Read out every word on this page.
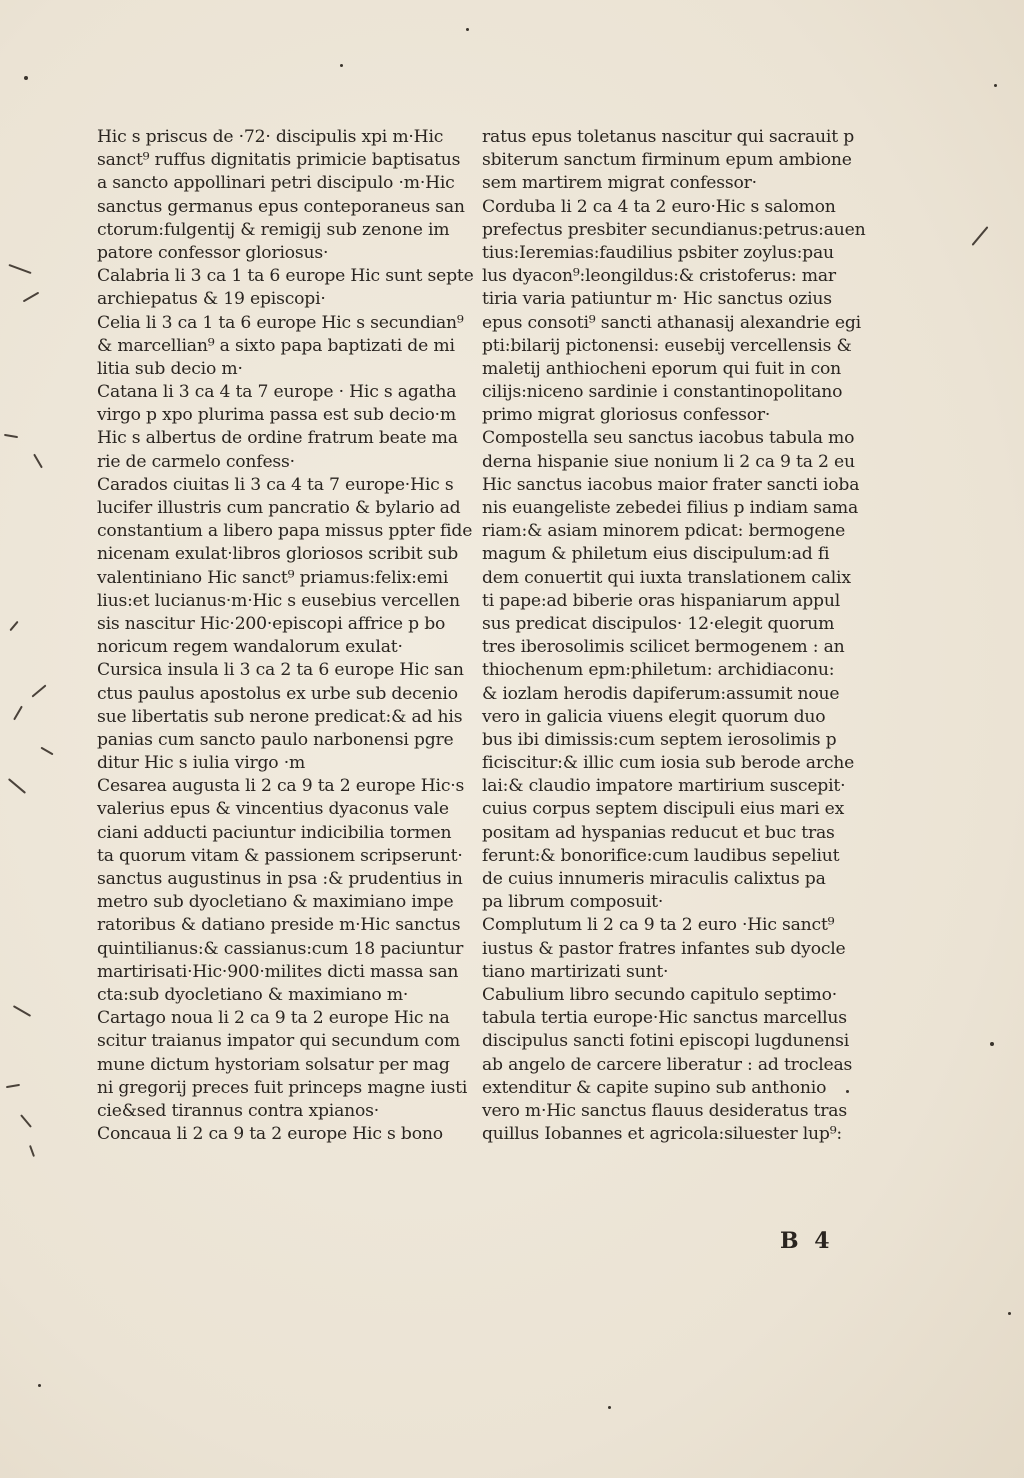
Hic s priscus de ·72· discipulis xpi m·Hic
sanct⁹ ruffus dignitatis primicie baptisatus
a sancto appollinari petri discipulo ·m·Hic
sanctus germanus epus conteporaneus san
ctorum:fulgentij & remigij sub zenone im
patore confessor gloriosus·
Calabria li 3 ca 1 ta 6 europe Hic sunt septe
archiepatus & 19 episcopi·
Celia li 3 ca 1 ta 6 europe Hic s secundian⁹
& marcellian⁹ a sixto papa baptizati de mi
litia sub decio m·
Catana li 3 ca 4 ta 7 europe · Hic s agatha
virgo p xpo plurima passa est sub decio·m
Hic s albertus de ordine fratrum beate ma
rie de carmelo confess·
Carados ciuitas li 3 ca 4 ta 7 europe·Hic s
lucifer illustris cum pancratio & bylario ad
constantium a libero papa missus ppter fide
nicenam exulat·libros gloriosos scribit sub
valentiniano Hic sanct⁹ priamus:felix:emi
lius:et lucianus·m·Hic s eusebius vercellen
sis nascitur Hic·200·episcopi affrice p bo
noricum regem wandalorum exulat·
Cursica insula li 3 ca 2 ta 6 europe Hic san
ctus paulus apostolus ex urbe sub decenio
sue libertatis sub nerone predicat:& ad his
panias cum sancto paulo narbonensi pgre
ditur Hic s iulia virgo ·m
Cesarea augusta li 2 ca 9 ta 2 europe Hic·s
valerius epus & vincentius dyaconus vale
ciani adducti paciuntur indicibilia tormen
ta quorum vitam & passionem scripserunt·
sanctus augustinus in psa :& prudentius in
metro sub dyocletiano & maximiano impe
ratoribus & datiano preside m·Hic sanctus
quintilianus:& cassianus:cum 18 paciuntur
martirisati·Hic·900·milites dicti massa san
cta:sub dyocletiano & maximiano m·
Cartago noua li 2 ca 9 ta 2 europe Hic na
scitur traianus impator qui secundum com
mune dictum hystoriam solsatur per mag
ni gregorij preces fuit princeps magne iusti
cie&sed tirannus contra xpianos·
Concaua li 2 ca 9 ta 2 europe Hic s bono
ratus epus toletanus nascitur qui sacrauit p
sbiterum sanctum firminum epum ambione
sem martirem migrat confessor·
Corduba li 2 ca 4 ta 2 euro·Hic s salomon
prefectus presbiter secundianus:petrus:auen
tius:Ieremias:faudilius psbiter zoylus:pau
lus dyacon⁹:leongildus:& cristoferus: mar
tiria varia patiuntur m· Hic sanctus ozius
epus consoti⁹ sancti athanasij alexandrie egi
pti:bilarij pictonensi: eusebij vercellensis &
maletij anthiocheni eporum qui fuit in con
cilijs:niceno sardinie i constantinopolitano
primo migrat gloriosus confessor·
Compostella seu sanctus iacobus tabula mo
derna hispanie siue nonium li 2 ca 9 ta 2 eu
Hic sanctus iacobus maior frater sancti ioba
nis euangeliste zebedei filius p indiam sama
riam:& asiam minorem pdicat: bermogene
magum & philetum eius discipulum:ad fi
dem conuertit qui iuxta translationem calix
ti pape:ad biberie oras hispaniarum appul
sus predicat discipulos· 12·elegit quorum
tres iberosolimis scilicet bermogenem : an
thiochenum epm:philetum: archidiaconu:
& iozlam herodis dapiferum:assumit noue
vero in galicia viuens elegit quorum duo
bus ibi dimissis:cum septem ierosolimis p
ficiscitur:& illic cum iosia sub berode arche
lai:& claudio impatore martirium suscepit·
cuius corpus septem discipuli eius mari ex
positam ad hyspanias reducut et buc tras
ferunt:& bonorifice:cum laudibus sepeliut
de cuius innumeris miraculis calixtus pa
pa librum composuit·
Complutum li 2 ca 9 ta 2 euro ·Hic sanct⁹
iustus & pastor fratres infantes sub dyocle
tiano martirizati sunt·
Cabulium libro secundo capitulo septimo·
tabula tertia europe·Hic sanctus marcellus
discipulus sancti fotini episcopi lugdunensi
ab angelo de carcere liberatur : ad trocleas
extenditur & capite supino sub anthonio
vero m·Hic sanctus flauus desideratus tras
quillus Iobannes et agricola:siluester lup⁹:
B 4
